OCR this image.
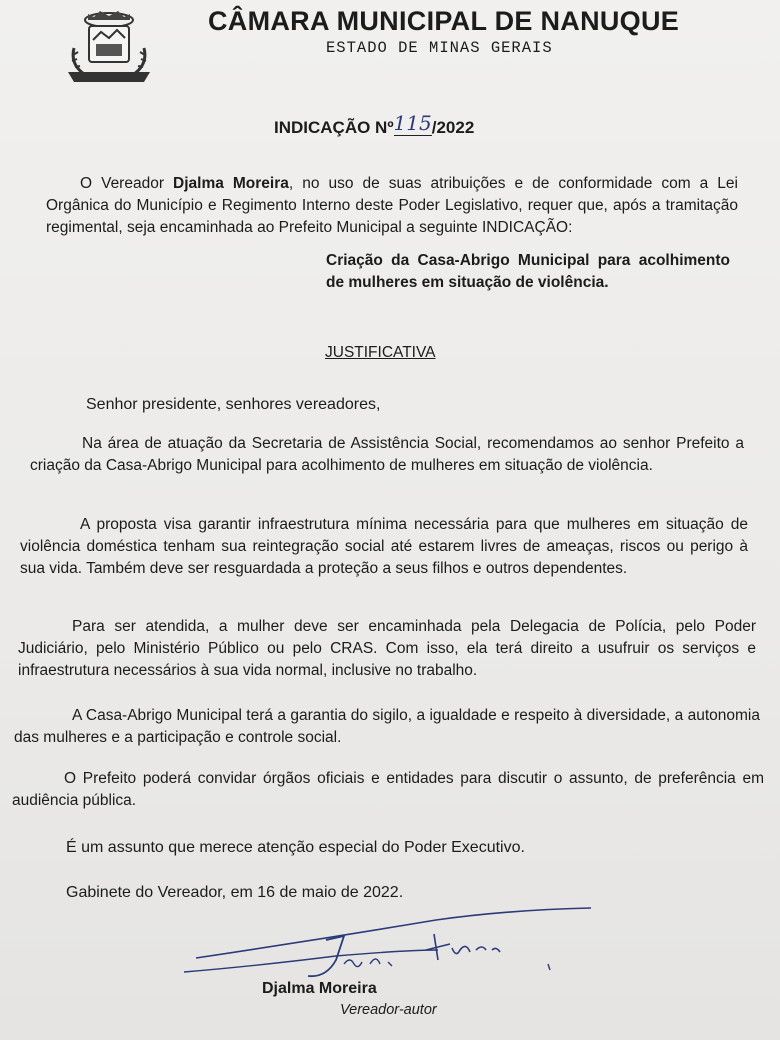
CÂMARA MUNICIPAL DE NANUQUE
ESTADO DE MINAS GERAIS
INDICAÇÃO Nº115/2022
O Vereador Djalma Moreira, no uso de suas atribuições e de conformidade com a Lei Orgânica do Município e Regimento Interno deste Poder Legislativo, requer que, após a tramitação regimental, seja encaminhada ao Prefeito Municipal a seguinte INDICAÇÃO:
Criação da Casa-Abrigo Municipal para acolhimento de mulheres em situação de violência.
JUSTIFICATIVA
Senhor presidente, senhores vereadores,
Na área de atuação da Secretaria de Assistência Social, recomendamos ao senhor Prefeito a criação da Casa-Abrigo Municipal para acolhimento de mulheres em situação de violência.
A proposta visa garantir infraestrutura mínima necessária para que mulheres em situação de violência doméstica tenham sua reintegração social até estarem livres de ameaças, riscos ou perigo à sua vida. Também deve ser resguardada a proteção a seus filhos e outros dependentes.
Para ser atendida, a mulher deve ser encaminhada pela Delegacia de Polícia, pelo Poder Judiciário, pelo Ministério Público ou pelo CRAS. Com isso, ela terá direito a usufruir os serviços e infraestrutura necessários à sua vida normal, inclusive no trabalho.
A Casa-Abrigo Municipal terá a garantia do sigilo, a igualdade e respeito à diversidade, a autonomia das mulheres e a participação e controle social.
O Prefeito poderá convidar órgãos oficiais e entidades para discutir o assunto, de preferência em audiência pública.
É um assunto que merece atenção especial do Poder Executivo.
Gabinete do Vereador, em 16 de maio de 2022.
Djalma Moreira
Vereador-autor
